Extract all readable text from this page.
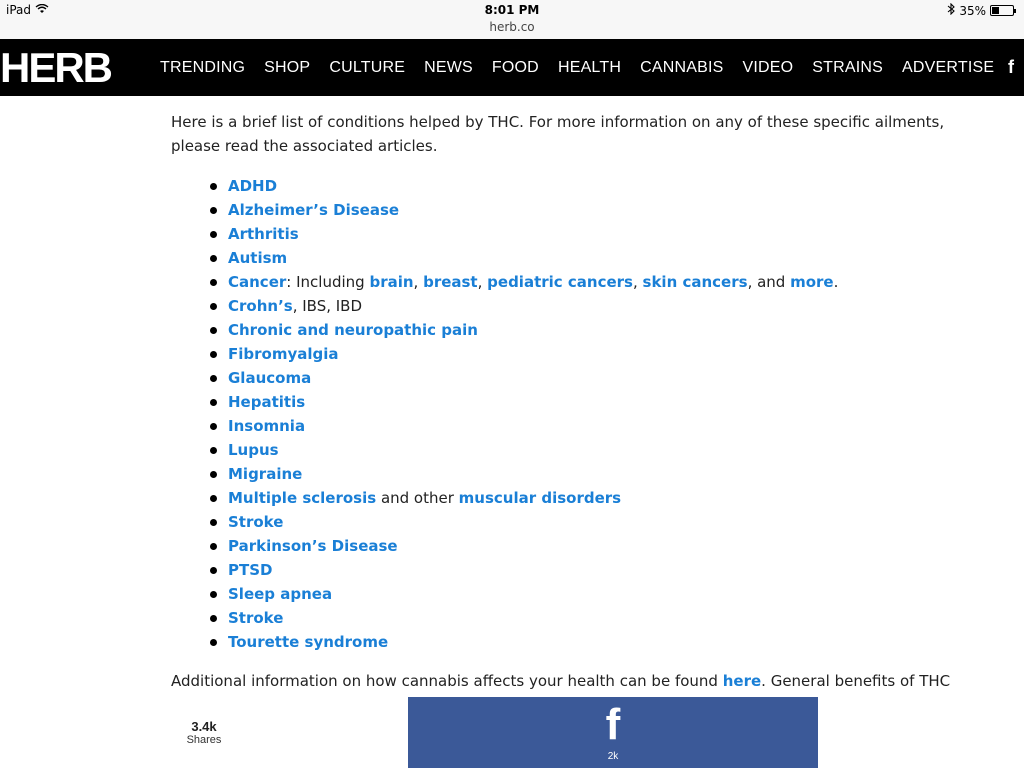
iPad	8:01 PM
herb.co
35%
HERB	TRENDING SHOP CULTURE NEWS FOOD HEALTH CANNABIS VIDEO STRAINS ADVERTISE f

Here is a brief list of conditions helped by THC. For more information on any of these specific ailments, please read the associated articles.

ADHD
Alzheimer’s Disease
Arthritis
Autism
Cancer: Including brain, breast, pediatric cancers, skin cancers, and more.
Crohn’s, IBS, IBD
Chronic and neuropathic pain
Fibromyalgia
Glaucoma
Hepatitis
Insomnia
Lupus
Migraine
Multiple sclerosis and other muscular disorders
Stroke
Parkinson’s Disease
PTSD
Sleep apnea
Stroke
Tourette syndrome

Additional information on how cannabis affects your health can be found here. General benefits of THC

3.4k
Shares	f
2k
